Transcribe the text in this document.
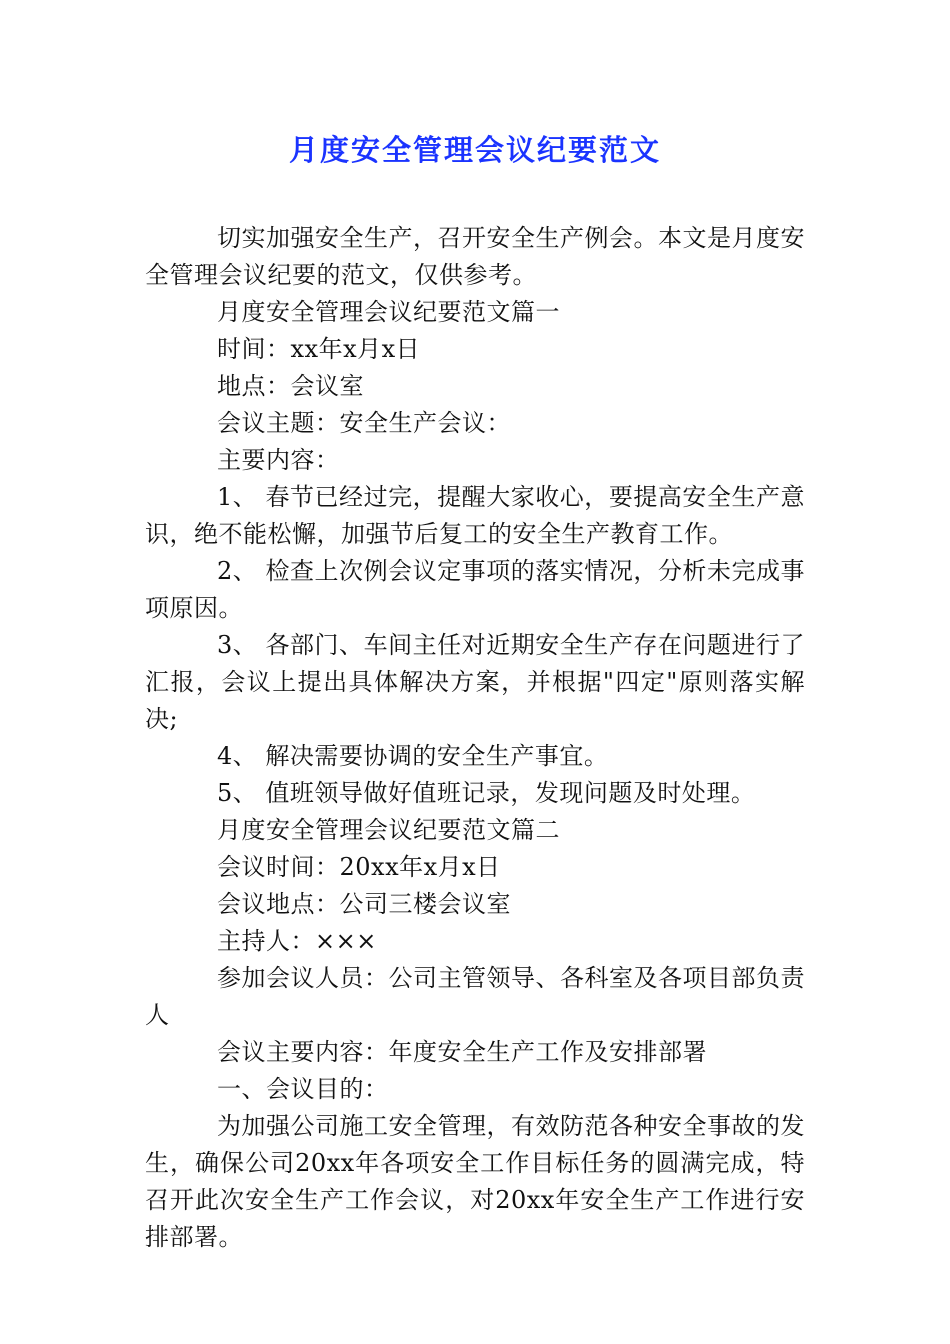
月度安全管理会议纪要范文

切实加强安全生产，召开安全生产例会。本文是月度安全管理会议纪要的范文，仅供参考。

月度安全管理会议纪要范文篇一

时间：xx年x月x日

地点：会议室

会议主题：安全生产会议：

主要内容：

1、 春节已经过完，提醒大家收心，要提高安全生产意识，绝不能松懈，加强节后复工的安全生产教育工作。

2、 检查上次例会议定事项的落实情况，分析未完成事项原因。

3、 各部门、车间主任对近期安全生产存在问题进行了汇报，会议上提出具体解决方案，并根据"四定"原则落实解决;

4、 解决需要协调的安全生产事宜。

5、 值班领导做好值班记录，发现问题及时处理。

月度安全管理会议纪要范文篇二

会议时间：20xx年x月x日

会议地点：公司三楼会议室

主持人：×××

参加会议人员：公司主管领导、各科室及各项目部负责人

会议主要内容：年度安全生产工作及安排部署

一、会议目的：

为加强公司施工安全管理，有效防范各种安全事故的发生，确保公司20xx年各项安全工作目标任务的圆满完成，特召开此次安全生产工作会议，对20xx年安全生产工作进行安排部署。
